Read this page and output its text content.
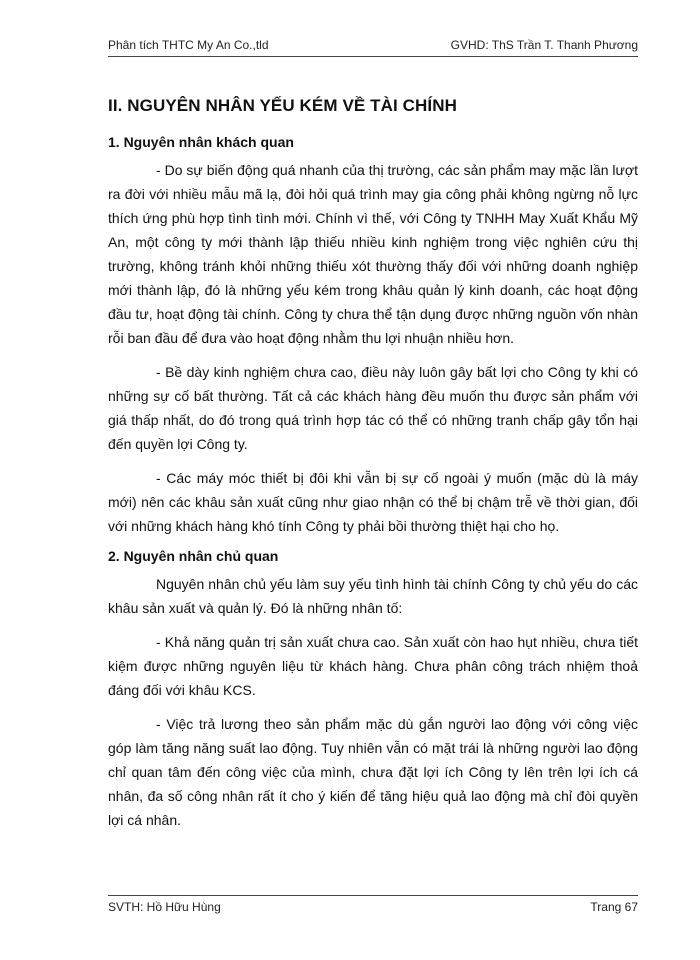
Phân tích THTC My An Co.,tld	GVHD: ThS Trần T. Thanh Phương
II. NGUYÊN NHÂN YẾU KÉM VỀ TÀI CHÍNH
1. Nguyên nhân khách quan

- Do sự biến động quá nhanh của thị trường, các sản phẩm may mặc lần lượt ra đời với nhiều mẫu mã lạ, đòi hỏi quá trình may gia công phải không ngừng nỗ lực thích ứng phù hợp tình tình mới. Chính vì thế, với Công ty TNHH May Xuất Khẩu Mỹ An, một công ty mới thành lập thiếu nhiều kinh nghiệm trong việc nghiên cứu thị trường, không tránh khỏi những thiếu xót thường thấy đối với những doanh nghiệp mới thành lập, đó là những yếu kém trong khâu quản lý kinh doanh, các hoạt động đầu tư, hoạt động tài chính. Công ty chưa thể tận dụng được những nguồn vốn nhàn rỗi ban đầu để đưa vào hoạt động nhằm thu lợi nhuận nhiều hơn.

- Bề dày kinh nghiệm chưa cao, điều này luôn gây bất lợi cho Công ty khi có những sự cố bất thường. Tất cả các khách hàng đều muốn thu được sản phẩm với giá thấp nhất, do đó trong quá trình hợp tác có thể có những tranh chấp gây tổn hại đến quyền lợi Công ty.

- Các máy móc thiết bị đôi khi vẫn bị sự cố ngoài ý muốn (mặc dù là máy mới) nên các khâu sản xuất cũng như giao nhận có thể bị chậm trễ về thời gian, đối với những khách hàng khó tính Công ty phải bồi thường thiệt hại cho họ.

2. Nguyên nhân chủ quan

Nguyên nhân chủ yếu làm suy yếu tình hình tài chính Công ty chủ yếu do các khâu sản xuất và quản lý. Đó là những nhân tố:

- Khả năng quản trị sản xuất chưa cao. Sản xuất còn hao hụt nhiều, chưa tiết kiệm được những nguyên liệu từ khách hàng. Chưa phân công trách nhiệm thoả đáng đối với khâu KCS.

- Việc trả lương theo sản phẩm mặc dù gắn người lao động với công việc góp làm tăng năng suất lao động. Tuy nhiên vẫn có mặt trái là những người lao động chỉ quan tâm đến công việc của mình, chưa đặt lợi ích Công ty lên trên lợi ích cá nhân, đa số công nhân rất ít cho ý kiến để tăng hiệu quả lao động mà chỉ đòi quyền lợi cá nhân.

SVTH: Hồ Hữu Hùng	Trang 67
